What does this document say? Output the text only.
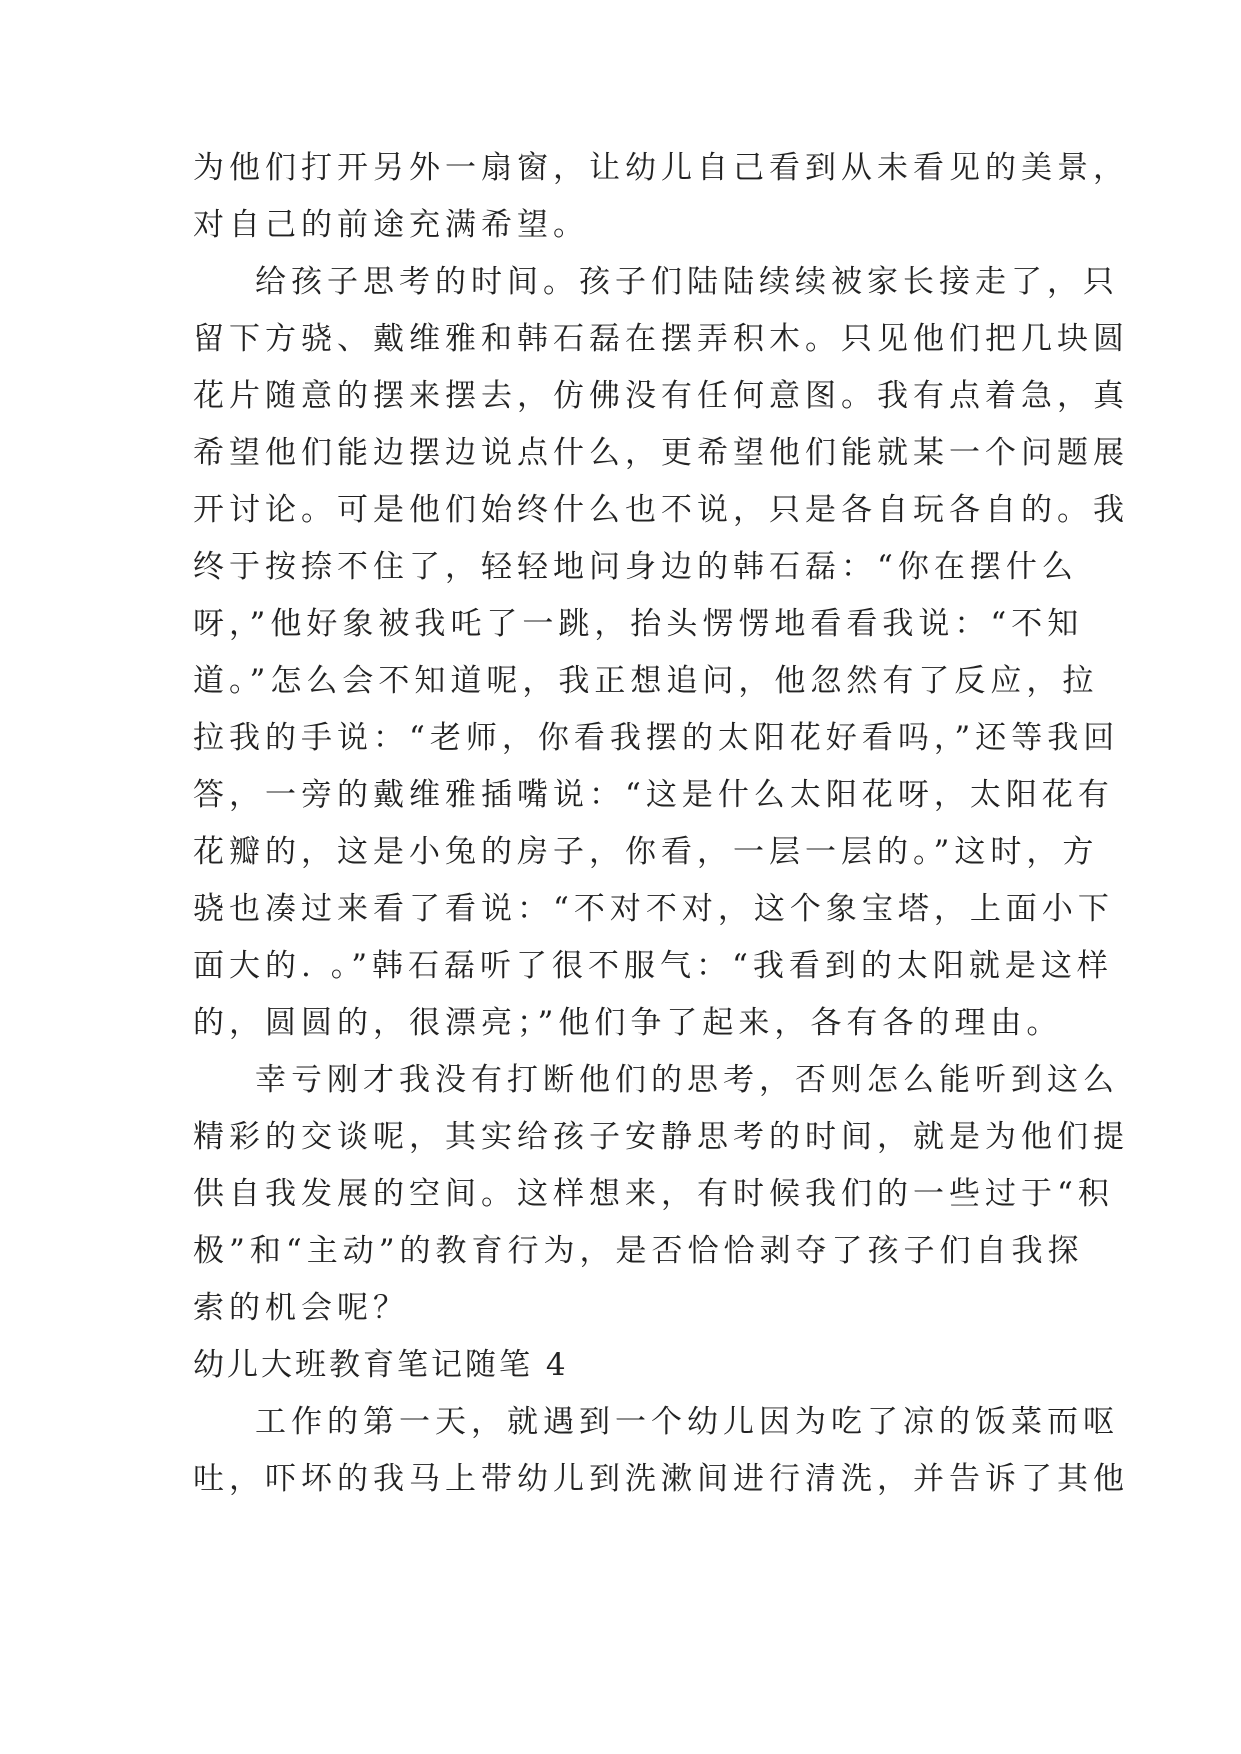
为他们打开另外一扇窗，让幼儿自己看到从未看见的美景，
对自己的前途充满希望。
给孩子思考的时间。孩子们陆陆续续被家长接走了，只
留下方骁、戴维雅和韩石磊在摆弄积木。只见他们把几块圆
花片随意的摆来摆去，仿佛没有任何意图。我有点着急，真
希望他们能边摆边说点什么，更希望他们能就某一个问题展
开讨论。可是他们始终什么也不说，只是各自玩各自的。我
终于按捺不住了，轻轻地问身边的韩石磊：“你在摆什么
呀，”他好象被我吒了一跳，抬头愣愣地看看我说：“不知
道。”怎么会不知道呢，我正想追问，他忽然有了反应，拉
拉我的手说：“老师，你看我摆的太阳花好看吗，”还等我回
答，一旁的戴维雅插嘴说：“这是什么太阳花呀，太阳花有
花瓣的，这是小兔的房子，你看，一层一层的。”这时，方
骁也凑过来看了看说：“不对不对，这个象宝塔，上面小下
面大的. 。”韩石磊听了很不服气：“我看到的太阳就是这样
的，圆圆的，很漂亮；”他们争了起来，各有各的理由。
幸亏刚才我没有打断他们的思考，否则怎么能听到这么
精彩的交谈呢，其实给孩子安静思考的时间，就是为他们提
供自我发展的空间。这样想来，有时候我们的一些过于“积
极”和“主动”的教育行为，是否恰恰剥夺了孩子们自我探
索的机会呢？
幼儿大班教育笔记随笔 4
工作的第一天，就遇到一个幼儿因为吃了凉的饭菜而呕
吐，吓坏的我马上带幼儿到洗漱间进行清洗，并告诉了其他
